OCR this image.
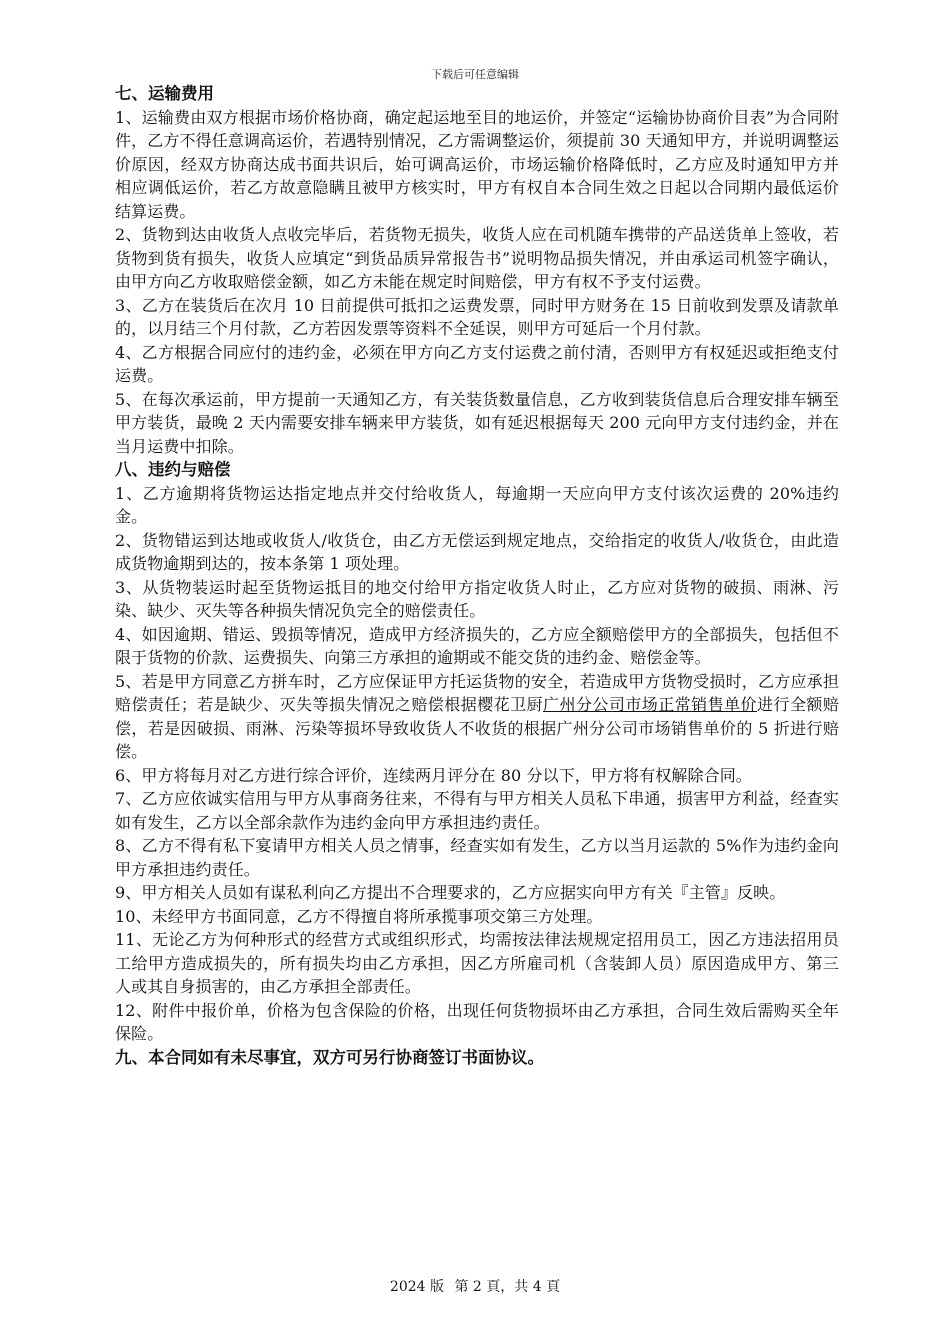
下载后可任意编辑

七、运输费用

1、运输费由双方根据市场价格协商，确定起运地至目的地运价，并签定“运输协协商价目表”为合同附件，乙方不得任意调高运价，若遇特别情况，乙方需调整运价，须提前 30 天通知甲方，并说明调整运价原因，经双方协商达成书面共识后，始可调高运价，市场运输价格降低时，乙方应及时通知甲方并相应调低运价，若乙方故意隐瞒且被甲方核实时，甲方有权自本合同生效之日起以合同期内最低运价结算运费。

2、货物到达由收货人点收完毕后，若货物无损失，收货人应在司机随车携带的产品送货单上签收，若货物到货有损失，收货人应填定“到货品质异常报告书”说明物品损失情况，并由承运司机签字确认，由甲方向乙方收取赔偿金额，如乙方未能在规定时间赔偿，甲方有权不予支付运费。

3、乙方在装货后在次月 10 日前提供可抵扣之运费发票，同时甲方财务在 15 日前收到发票及请款单的，以月结三个月付款，乙方若因发票等资料不全延误，则甲方可延后一个月付款。

4、乙方根据合同应付的违约金，必须在甲方向乙方支付运费之前付清，否则甲方有权延迟或拒绝支付运费。

5、在每次承运前，甲方提前一天通知乙方，有关装货数量信息，乙方收到装货信息后合理安排车辆至甲方装货，最晚 2 天内需要安排车辆来甲方装货，如有延迟根据每天 200 元向甲方支付违约金，并在当月运费中扣除。

八、违约与赔偿

1、乙方逾期将货物运达指定地点并交付给收货人，每逾期一天应向甲方支付该次运费的 20%违约金。

2、货物错运到达地或收货人/收货仓，由乙方无偿运到规定地点，交给指定的收货人/收货仓，由此造成货物逾期到达的，按本条第 1 项处理。

3、从货物装运时起至货物运抵目的地交付给甲方指定收货人时止，乙方应对货物的破损、雨淋、污染、缺少、灭失等各种损失情况负完全的赔偿责任。

4、如因逾期、错运、毁损等情况，造成甲方经济损失的，乙方应全额赔偿甲方的全部损失，包括但不限于货物的价款、运费损失、向第三方承担的逾期或不能交货的违约金、赔偿金等。

5、若是甲方同意乙方拼车时，乙方应保证甲方托运货物的安全，若造成甲方货物受损时，乙方应承担赔偿责任；若是缺少、灭失等损失情况之赔偿根据樱花卫厨广州分公司市场正常销售单价进行全额赔偿，若是因破损、雨淋、污染等损坏导致收货人不收货的根据广州分公司市场销售单价的 5 折进行赔偿。

6、甲方将每月对乙方进行综合评价，连续两月评分在 80 分以下，甲方将有权解除合同。

7、乙方应依诚实信用与甲方从事商务往来，不得有与甲方相关人员私下串通，损害甲方利益，经查实如有发生，乙方以全部余款作为违约金向甲方承担违约责任。

8、乙方不得有私下宴请甲方相关人员之情事，经查实如有发生，乙方以当月运款的 5%作为违约金向甲方承担违约责任。

9、甲方相关人员如有谋私利向乙方提出不合理要求的，乙方应据实向甲方有关『主管』反映。

10、未经甲方书面同意，乙方不得擅自将所承揽事项交第三方处理。

11、无论乙方为何种形式的经营方式或组织形式，均需按法律法规规定招用员工，因乙方违法招用员工给甲方造成损失的，所有损失均由乙方承担，因乙方所雇司机（含装卸人员）原因造成甲方、第三人或其自身损害的，由乙方承担全部责任。

12、附件中报价单，价格为包含保险的价格，出现任何货物损坏由乙方承担，合同生效后需购买全年保险。

九、本合同如有未尽事宜，双方可另行协商签订书面协议。

2024 版 第 2 頁，共 4 頁
